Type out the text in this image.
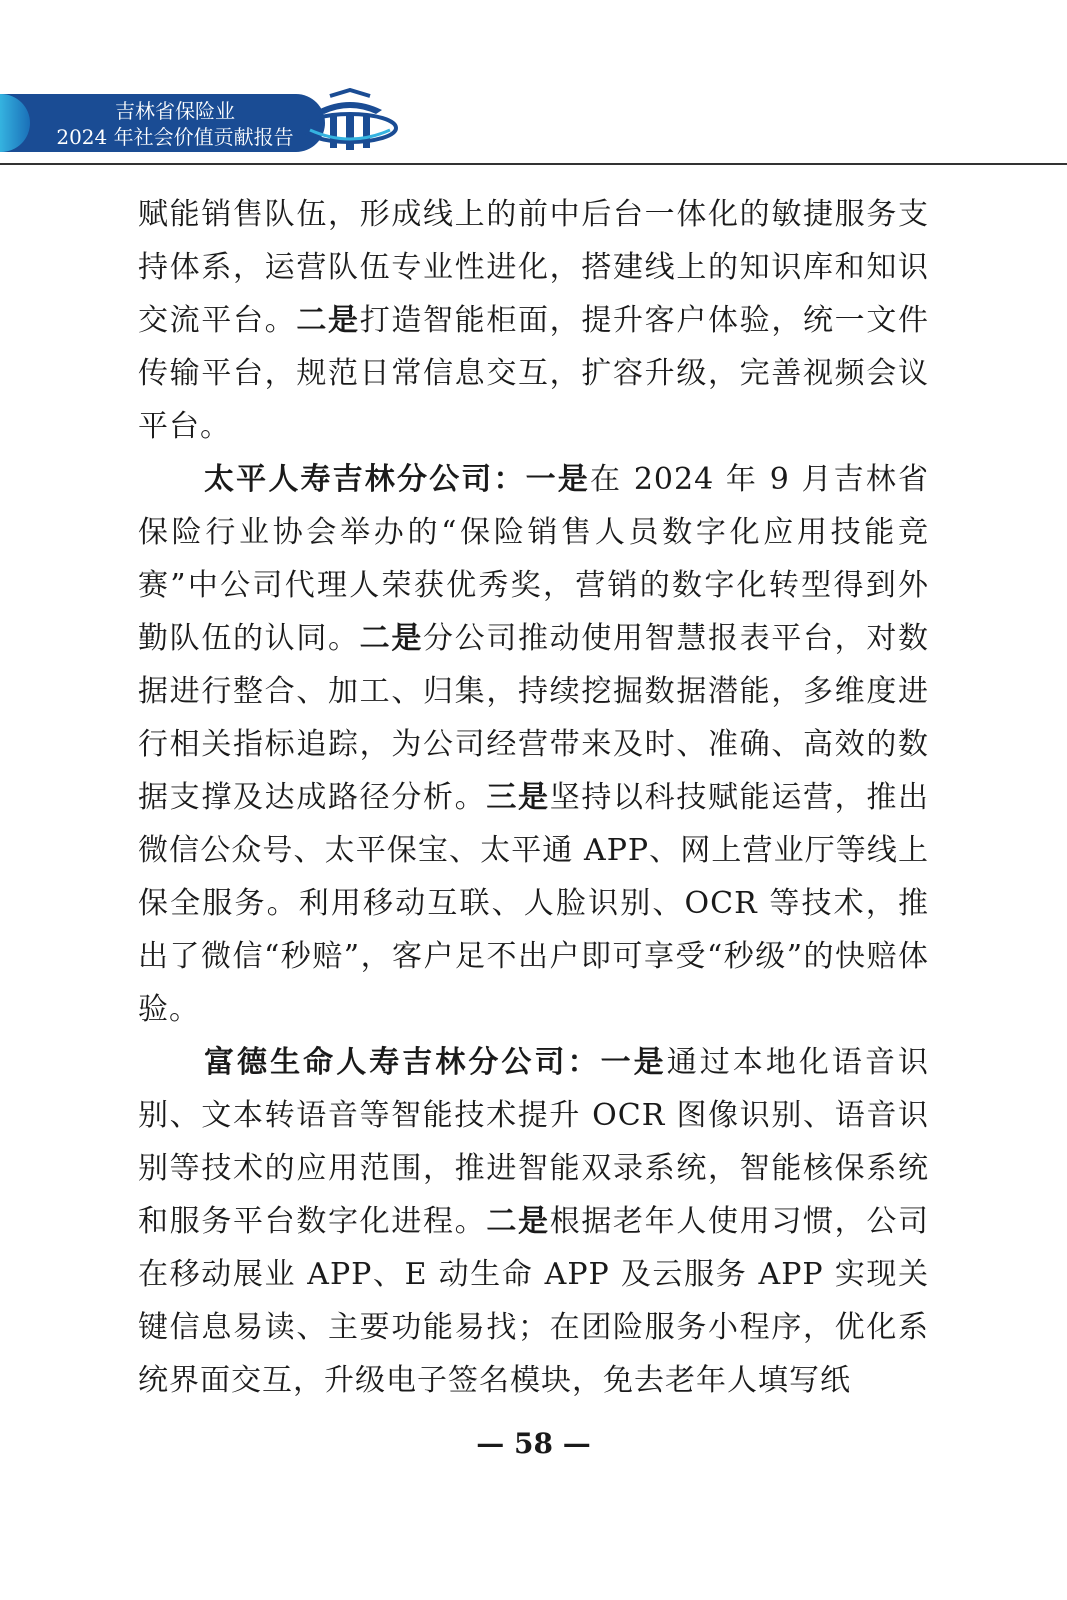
吉林省保险业
2024 年社会价值贡献报告

赋能销售队伍，形成线上的前中后台一体化的敏捷服务支持体系，运营队伍专业性进化，搭建线上的知识库和知识交流平台。二是打造智能柜面，提升客户体验，统一文件传输平台，规范日常信息交互，扩容升级，完善视频会议平台。

太平人寿吉林分公司：一是在 2024 年 9 月吉林省保险行业协会举办的“保险销售人员数字化应用技能竞赛”中公司代理人荣获优秀奖，营销的数字化转型得到外勤队伍的认同。二是分公司推动使用智慧报表平台，对数据进行整合、加工、归集，持续挖掘数据潜能，多维度进行相关指标追踪，为公司经营带来及时、准确、高效的数据支撑及达成路径分析。三是坚持以科技赋能运营，推出微信公众号、太平保宝、太平通 APP、网上营业厅等线上保全服务。利用移动互联、人脸识别、OCR 等技术，推出了微信“秒赔”，客户足不出户即可享受“秒级”的快赔体验。

富德生命人寿吉林分公司：一是通过本地化语音识别、文本转语音等智能技术提升 OCR 图像识别、语音识别等技术的应用范围，推进智能双录系统，智能核保系统和服务平台数字化进程。二是根据老年人使用习惯，公司在移动展业 APP、E 动生命 APP 及云服务 APP 实现关键信息易读、主要功能易找；在团险服务小程序，优化系统界面交互，升级电子签名模块，免去老年人填写纸

— 58 —
